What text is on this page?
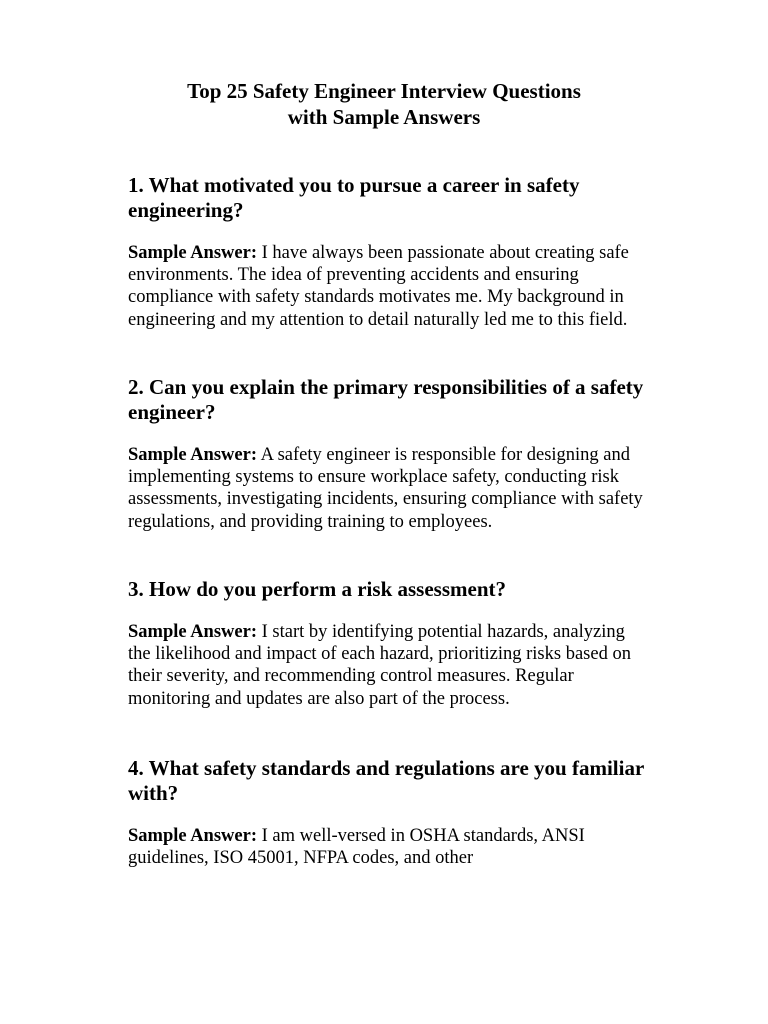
Top 25 Safety Engineer Interview Questions
with Sample Answers
1. What motivated you to pursue a career in safety engineering?

Sample Answer: I have always been passionate about creating safe environments. The idea of preventing accidents and ensuring compliance with safety standards motivates me. My background in engineering and my attention to detail naturally led me to this field.

2. Can you explain the primary responsibilities of a safety engineer?

Sample Answer: A safety engineer is responsible for designing and implementing systems to ensure workplace safety, conducting risk assessments, investigating incidents, ensuring compliance with safety regulations, and providing training to employees.

3. How do you perform a risk assessment?

Sample Answer: I start by identifying potential hazards, analyzing the likelihood and impact of each hazard, prioritizing risks based on their severity, and recommending control measures. Regular monitoring and updates are also part of the process.

4. What safety standards and regulations are you familiar with?

Sample Answer: I am well-versed in OSHA standards, ANSI guidelines, ISO 45001, NFPA codes, and other
